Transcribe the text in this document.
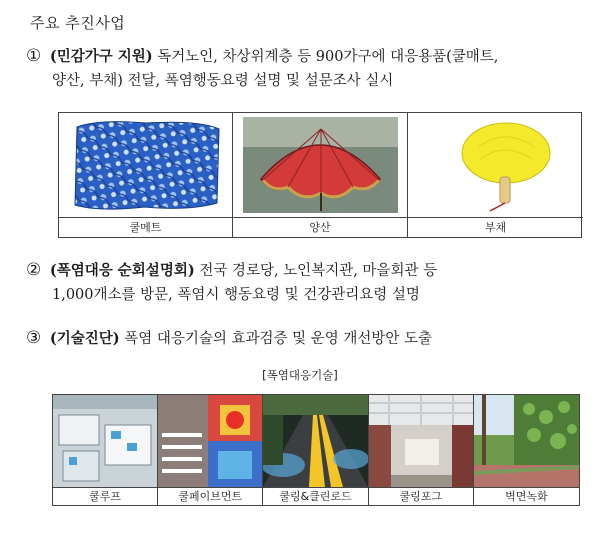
주요 추진사업
① (민감가구 지원) 독거노인, 차상위계층 등 900가구에 대응용품(쿨매트,
양산, 부채) 전달, 폭염행동요령 설명 및 설문조사 실시
쿨메트	양산	부채
② (폭염대응 순회설명회) 전국 경로당, 노인복지관, 마을회관 등
1,000개소를 방문, 폭염시 행동요령 및 건강관리요령 설명
③ (기술진단) 폭염 대응기술의 효과검증 및 운영 개선방안 도출
[폭염대응기술]
쿨루프	쿨페이브먼트	쿨링&클린로드	쿨링포그	벽면녹화
